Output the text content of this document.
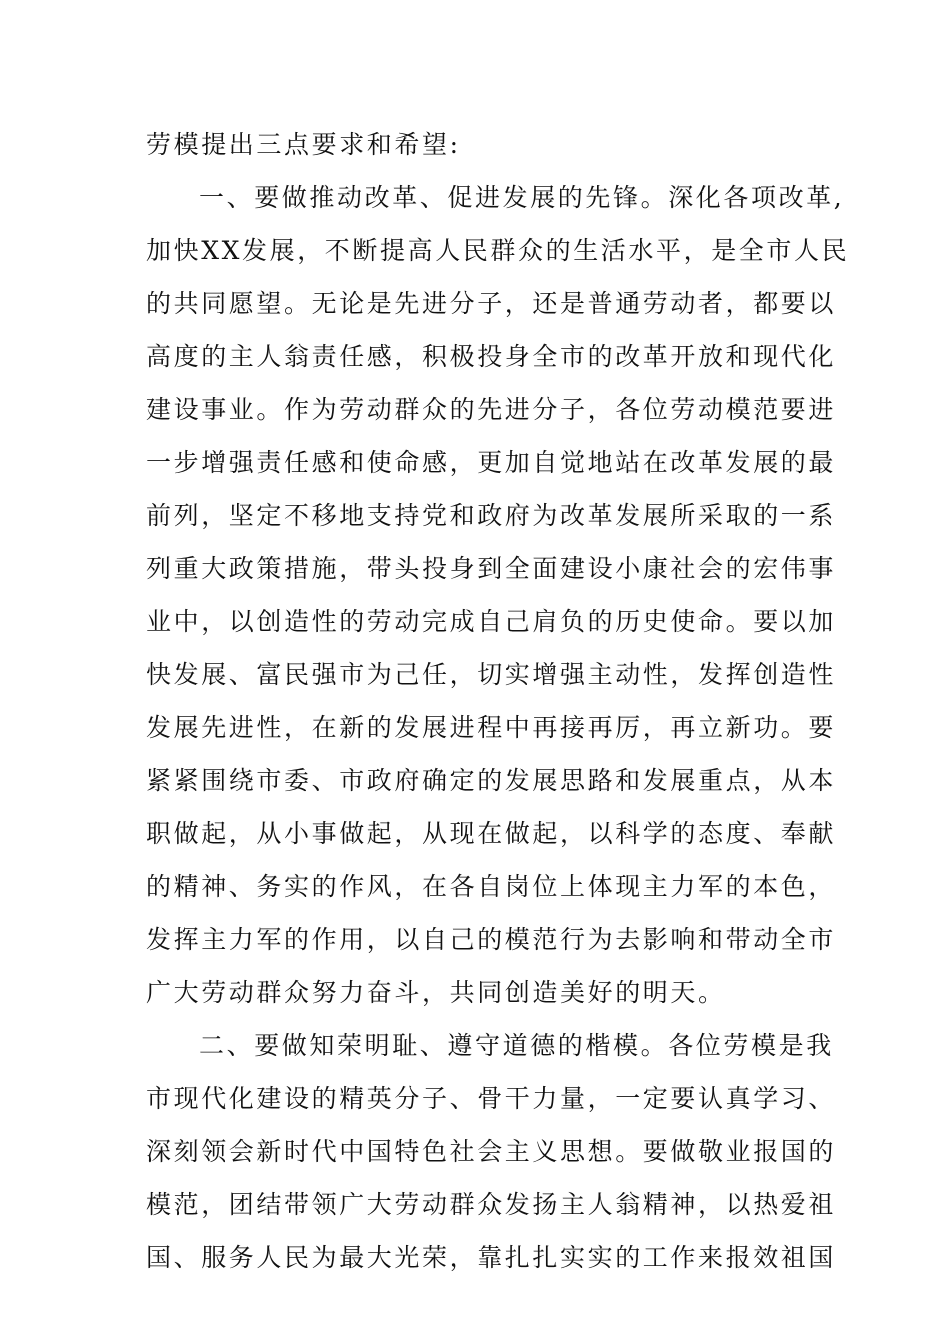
劳模提出三点要求和希望:
一、要做推动改革、促进发展的先锋。深化各项改革,
加快XX发展，不断提高人民群众的生活水平，是全市人民
的共同愿望。无论是先进分子，还是普通劳动者，都要以
高度的主人翁责任感，积极投身全市的改革开放和现代化
建设事业。作为劳动群众的先进分子，各位劳动模范要进
一步增强责任感和使命感，更加自觉地站在改革发展的最
前列，坚定不移地支持党和政府为改革发展所采取的一系
列重大政策措施，带头投身到全面建设小康社会的宏伟事
业中，以创造性的劳动完成自己肩负的历史使命。要以加
快发展、富民强市为己任，切实增强主动性，发挥创造性
发展先进性，在新的发展进程中再接再厉，再立新功。要
紧紧围绕市委、市政府确定的发展思路和发展重点，从本
职做起，从小事做起，从现在做起，以科学的态度、奉献
的精神、务实的作风，在各自岗位上体现主力军的本色，
发挥主力军的作用，以自己的模范行为去影响和带动全市
广大劳动群众努力奋斗，共同创造美好的明天。
二、要做知荣明耻、遵守道德的楷模。各位劳模是我
市现代化建设的精英分子、骨干力量，一定要认真学习、
深刻领会新时代中国特色社会主义思想。要做敬业报国的
模范，团结带领广大劳动群众发扬主人翁精神，以热爱祖
国、服务人民为最大光荣，靠扎扎实实的工作来报效祖国
